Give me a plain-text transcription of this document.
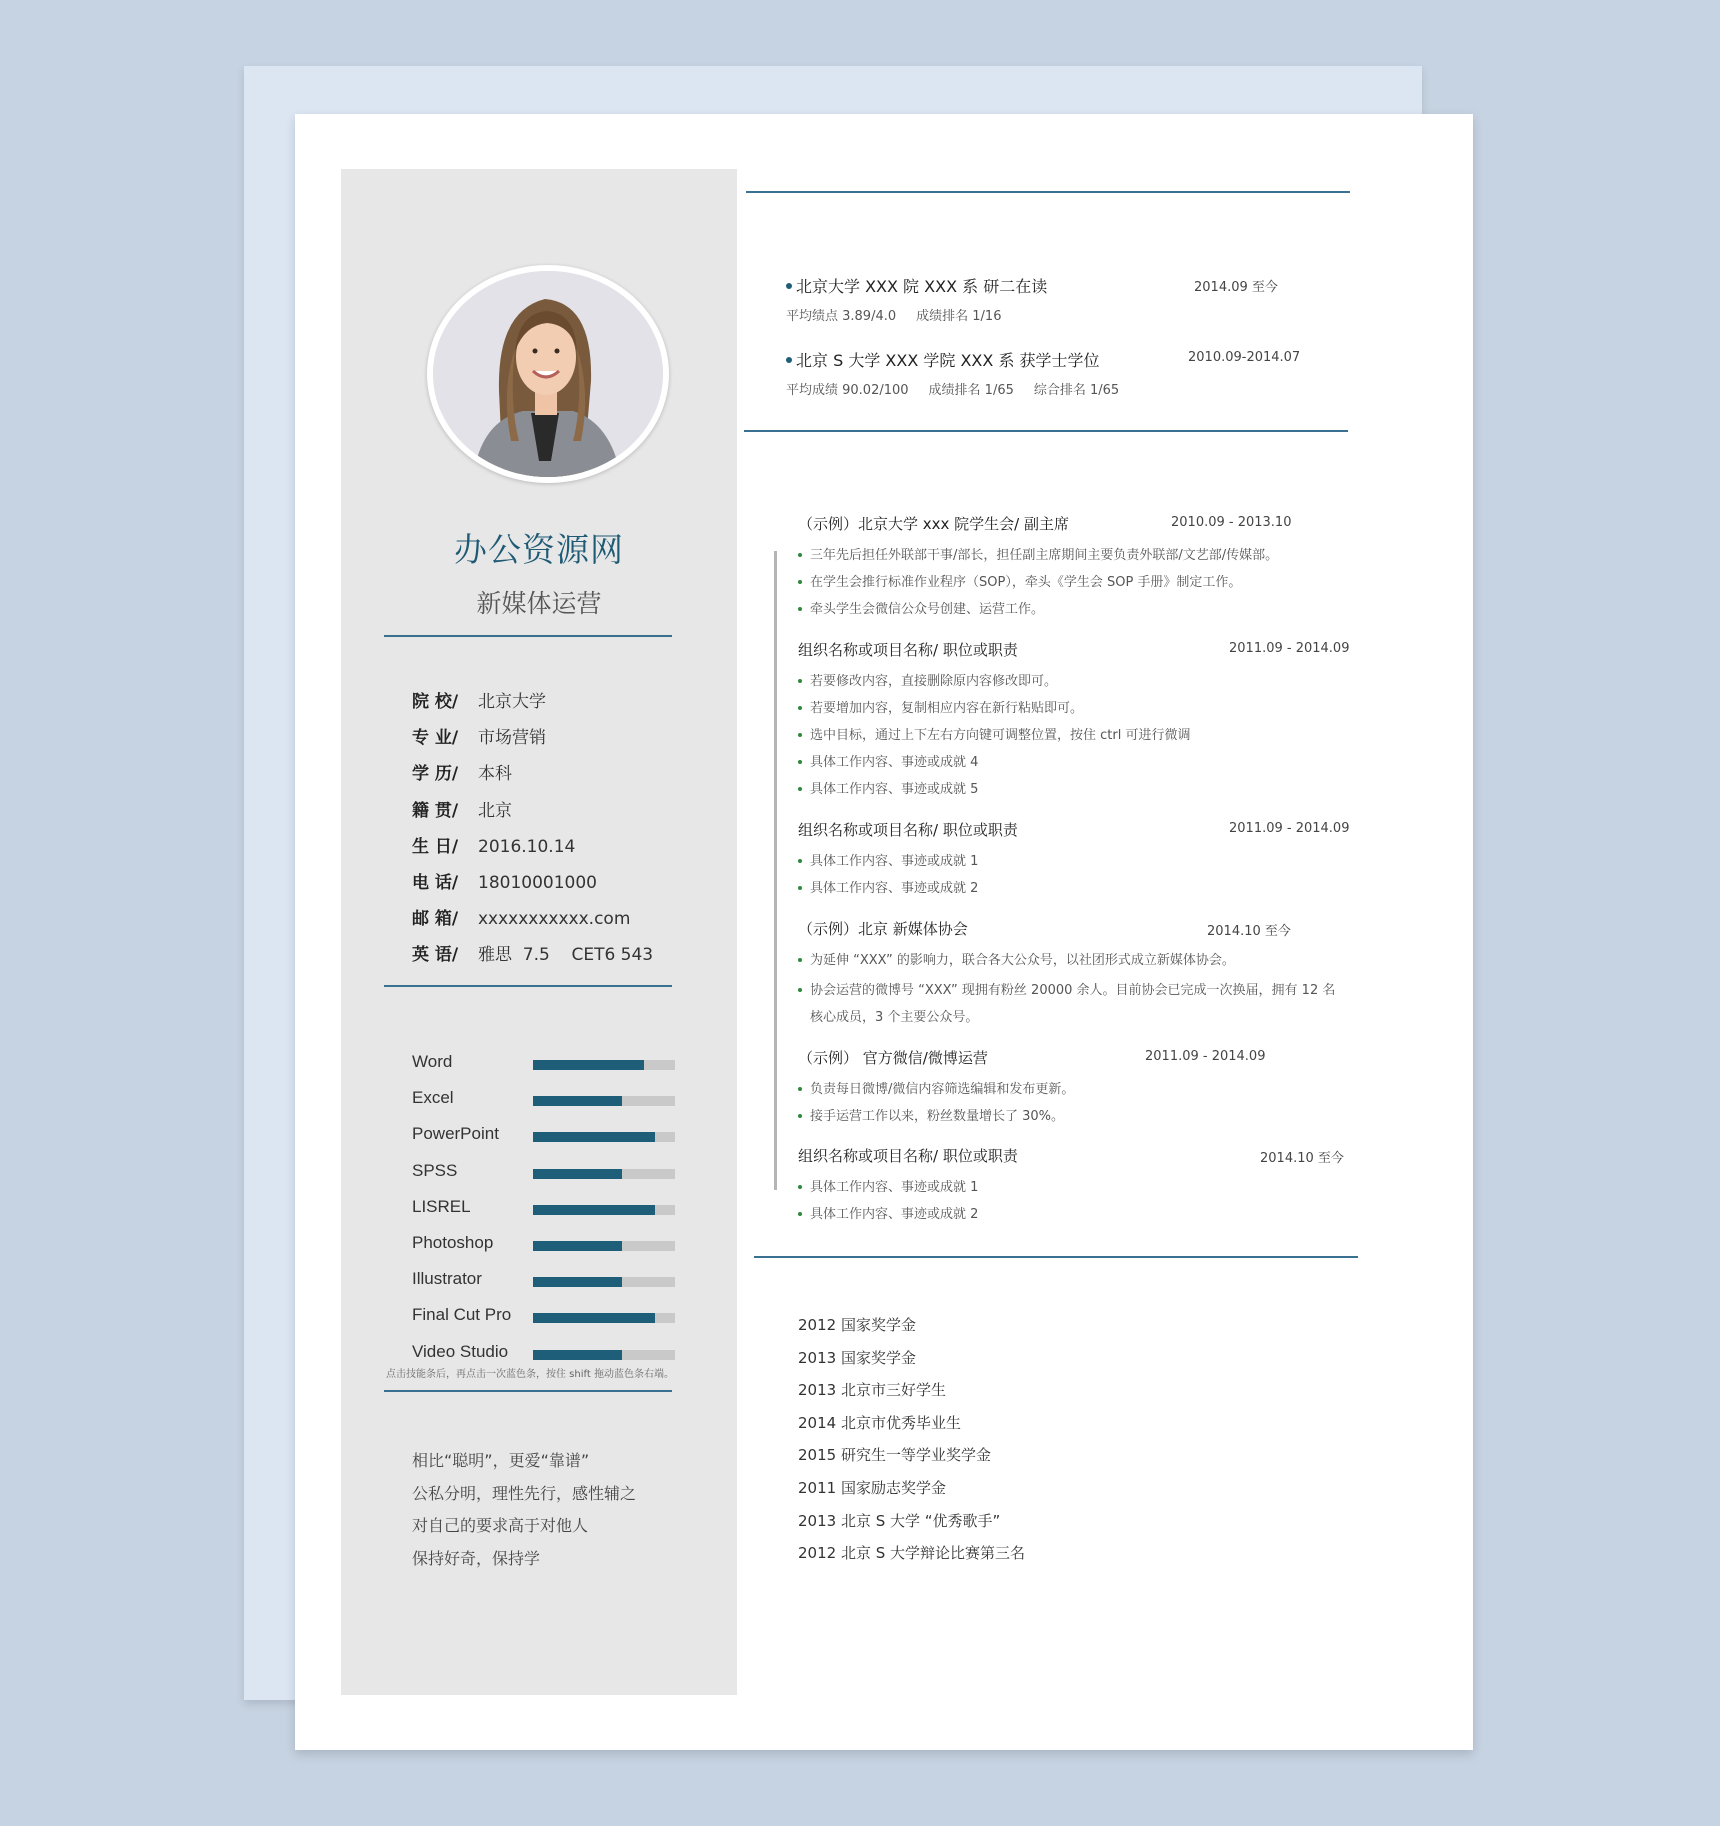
办公资源网
新媒体运营
院 校/ 北京大学
专 业/ 市场营销
学 历/ 本科
籍 贯/ 北京
生 日/ 2016.10.14
电 话/ 18010001000
邮 箱/ xxxxxxxxxxx.com
英 语/ 雅思  7.5    CET6 543
Word
Excel
PowerPoint
SPSS
LISREL
Photoshop
Illustrator
Final Cut Pro
Video Studio
点击技能条后，再点击一次蓝色条，按住 shift 拖动蓝色条右端。
相比“聪明”，更爱“靠谱”
公私分明，理性先行，感性辅之
对自己的要求高于对他人
保持好奇，保持学
北京大学 XXX 院 XXX 系 研二在读	2014.09 至今
平均绩点 3.89/4.0 成绩排名 1/16
北京 S 大学 XXX 学院 XXX 系 获学士学位	2010.09-2014.07
平均成绩 90.02/100 成绩排名 1/65 综合排名 1/65
（示例）北京大学 xxx 院学生会/ 副主席	2010.09 - 2013.10
三年先后担任外联部干事/部长，担任副主席期间主要负责外联部/文艺部/传媒部。
在学生会推行标准作业程序（SOP），牵头《学生会 SOP 手册》制定工作。
牵头学生会微信公众号创建、运营工作。
组织名称或项目名称/ 职位或职责	2011.09 - 2014.09
若要修改内容，直接删除原内容修改即可。
若要增加内容，复制相应内容在新行粘贴即可。
选中目标，通过上下左右方向键可调整位置，按住 ctrl 可进行微调
具体工作内容、事迹或成就 4
具体工作内容、事迹或成就 5
组织名称或项目名称/ 职位或职责	2011.09 - 2014.09
具体工作内容、事迹或成就 1
具体工作内容、事迹或成就 2
（示例）北京 新媒体协会	2014.10 至今
为延伸 “XXX” 的影响力，联合各大公众号，以社团形式成立新媒体协会。
协会运营的微博号 “XXX” 现拥有粉丝 20000 余人。目前协会已完成一次换届，拥有 12 名
核心成员，3 个主要公众号。
（示例） 官方微信/微博运营	2011.09 - 2014.09
负责每日微博/微信内容筛选编辑和发布更新。
接手运营工作以来，粉丝数量增长了 30%。
组织名称或项目名称/ 职位或职责	2014.10 至今
具体工作内容、事迹或成就 1
具体工作内容、事迹或成就 2
2012 国家奖学金
2013 国家奖学金
2013 北京市三好学生
2014 北京市优秀毕业生
2015 研究生一等学业奖学金
2011 国家励志奖学金
2013 北京 S 大学 “优秀歌手”
2012 北京 S 大学辩论比赛第三名
